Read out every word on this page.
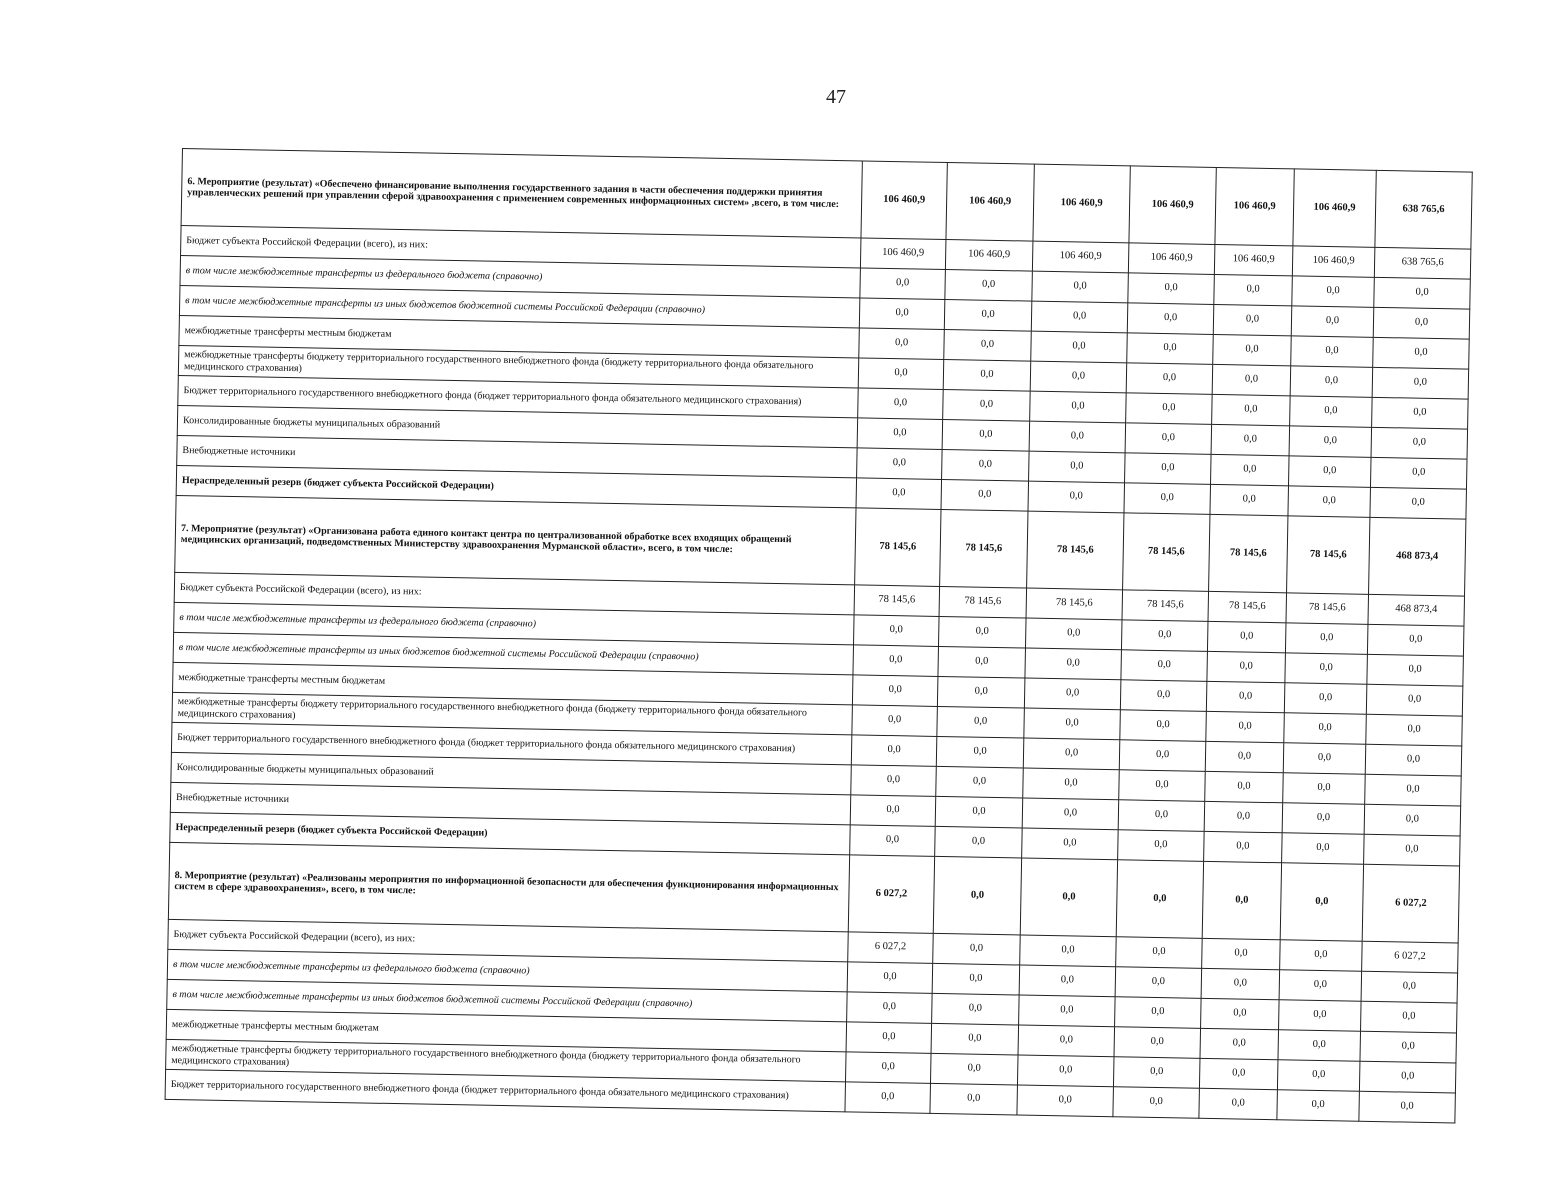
47
6. Мероприятие (результат) «Обеспечено финансирование выполнения государственного задания в части обеспечения поддержки принятия управленческих решений при управлении сферой здравоохранения с применением современных информационных систем» ,всего, в том числе:	106 460,9	106 460,9	106 460,9	106 460,9	106 460,9	106 460,9	638 765,6
Бюджет субъекта Российской Федерации (всего), из них:	106 460,9	106 460,9	106 460,9	106 460,9	106 460,9	106 460,9	638 765,6
в том числе межбюджетные трансферты из федерального бюджета (справочно)	0,0	0,0	0,0	0,0	0,0	0,0	0,0
в том числе межбюджетные трансферты из иных бюджетов бюджетной системы Российской Федерации (справочно)	0,0	0,0	0,0	0,0	0,0	0,0	0,0
межбюджетные трансферты местным бюджетам	0,0	0,0	0,0	0,0	0,0	0,0	0,0
межбюджетные трансферты бюджету территориального государственного внебюджетного фонда (бюджету территориального фонда обязательного медицинского страхования)	0,0	0,0	0,0	0,0	0,0	0,0	0,0
Бюджет территориального государственного внебюджетного фонда (бюджет территориального фонда обязательного медицинского страхования)	0,0	0,0	0,0	0,0	0,0	0,0	0,0
Консолидированные бюджеты муниципальных образований	0,0	0,0	0,0	0,0	0,0	0,0	0,0
Внебюджетные источники	0,0	0,0	0,0	0,0	0,0	0,0	0,0
Нераспределенный резерв (бюджет субъекта Российской Федерации)	0,0	0,0	0,0	0,0	0,0	0,0	0,0
7. Мероприятие (результат) «Организована работа единого контакт центра по централизованной обработке всех входящих обращений медицинских организаций, подведомственных Министерству здравоохранения Мурманской области», всего, в том числе:	78 145,6	78 145,6	78 145,6	78 145,6	78 145,6	78 145,6	468 873,4
Бюджет субъекта Российской Федерации (всего), из них:	78 145,6	78 145,6	78 145,6	78 145,6	78 145,6	78 145,6	468 873,4
в том числе межбюджетные трансферты из федерального бюджета (справочно)	0,0	0,0	0,0	0,0	0,0	0,0	0,0
в том числе межбюджетные трансферты из иных бюджетов бюджетной системы Российской Федерации (справочно)	0,0	0,0	0,0	0,0	0,0	0,0	0,0
межбюджетные трансферты местным бюджетам	0,0	0,0	0,0	0,0	0,0	0,0	0,0
межбюджетные трансферты бюджету территориального государственного внебюджетного фонда (бюджету территориального фонда обязательного медицинского страхования)	0,0	0,0	0,0	0,0	0,0	0,0	0,0
Бюджет территориального государственного внебюджетного фонда (бюджет территориального фонда обязательного медицинского страхования)	0,0	0,0	0,0	0,0	0,0	0,0	0,0
Консолидированные бюджеты муниципальных образований	0,0	0,0	0,0	0,0	0,0	0,0	0,0
Внебюджетные источники	0,0	0,0	0,0	0,0	0,0	0,0	0,0
Нераспределенный резерв (бюджет субъекта Российской Федерации)	0,0	0,0	0,0	0,0	0,0	0,0	0,0
8. Мероприятие (результат) «Реализованы мероприятия по информационной безопасности для обеспечения функционирования информационных систем в сфере здравоохранения», всего, в том числе:	6 027,2	0,0	0,0	0,0	0,0	0,0	6 027,2
Бюджет субъекта Российской Федерации (всего), из них:	6 027,2	0,0	0,0	0,0	0,0	0,0	6 027,2
в том числе межбюджетные трансферты из федерального бюджета (справочно)	0,0	0,0	0,0	0,0	0,0	0,0	0,0
в том числе межбюджетные трансферты из иных бюджетов бюджетной системы Российской Федерации (справочно)	0,0	0,0	0,0	0,0	0,0	0,0	0,0
межбюджетные трансферты местным бюджетам	0,0	0,0	0,0	0,0	0,0	0,0	0,0
межбюджетные трансферты бюджету территориального государственного внебюджетного фонда (бюджету территориального фонда обязательного медицинского страхования)	0,0	0,0	0,0	0,0	0,0	0,0	0,0
Бюджет территориального государственного внебюджетного фонда (бюджет территориального фонда обязательного медицинского страхования)	0,0	0,0	0,0	0,0	0,0	0,0	0,0
